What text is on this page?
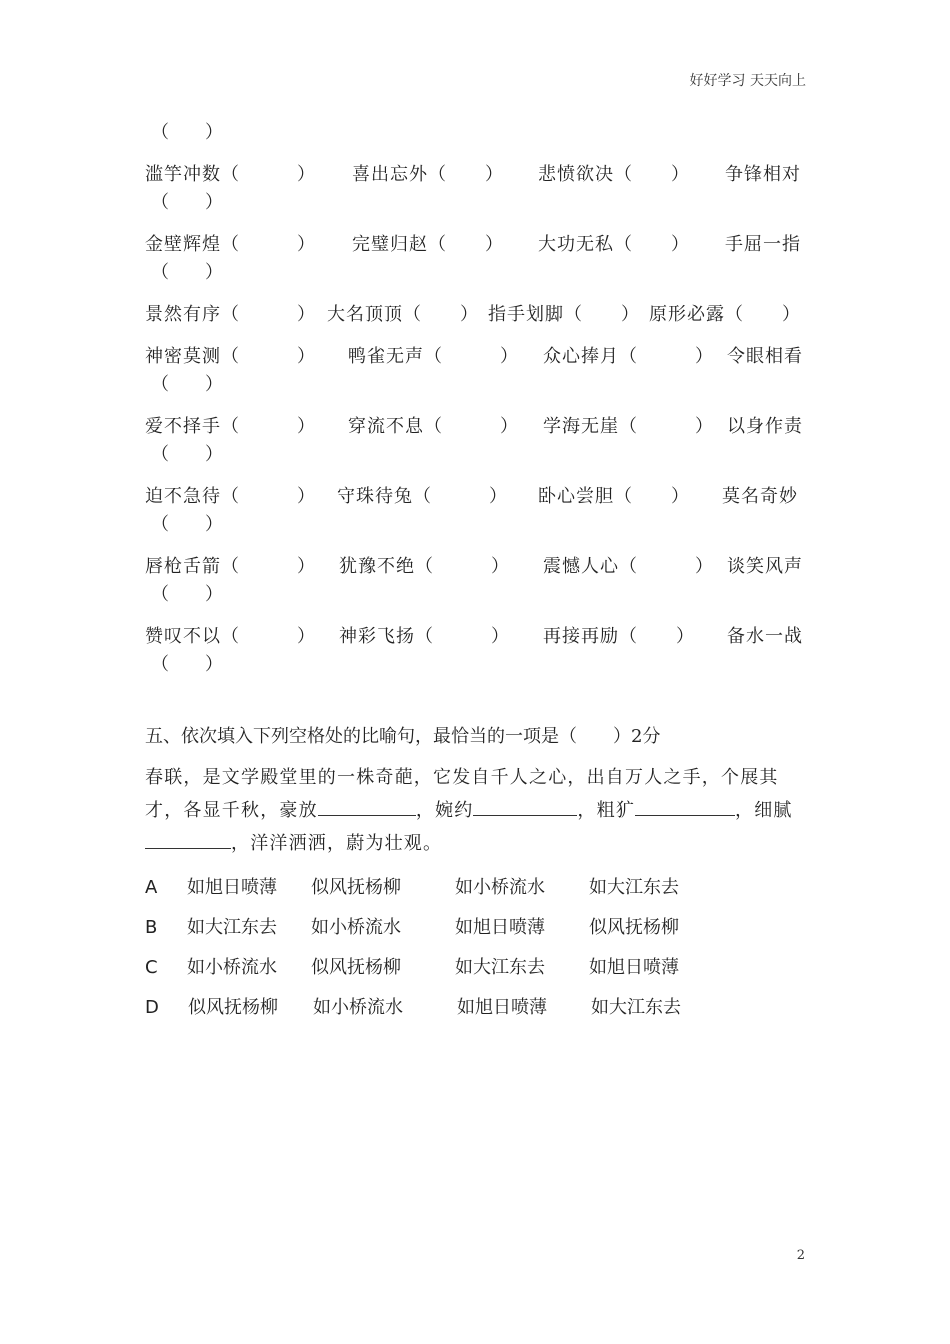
好好学习 天天向上
（　　）
滥竽冲数（　　　） 喜出忘外（　　） 悲愤欲决（　　） 争锋相对
（　　）
金壁辉煌（　　　） 完璧归赵（　　） 大功无私（　　） 手屈一指
（　　）
景然有序（　　　） 大名顶顶（　　） 指手划脚（　　） 原形必露（　　）
神密莫测（　　　） 鸭雀无声（　　　） 众心捧月（　　　） 令眼相看
（　　）
爱不择手（　　　） 穿流不息（　　　） 学海无崖（　　　） 以身作责
（　　）
迫不急待（　　　） 守珠待兔（　　　） 卧心尝胆（　　） 莫名奇妙
（　　）
唇枪舌箭（　　　） 犹豫不绝（　　　） 震憾人心（　　　） 谈笑风声
（　　）
赞叹不以（　　　） 神彩飞扬（　　　） 再接再励（　　） 备水一战
（　　）
五、依次填入下列空格处的比喻句，最恰当的一项是（　　）2分
春联，是文学殿堂里的一株奇葩，它发自千人之心，出自万人之手，个展其才，各显千秋，豪放	，婉约	，粗犷	，细腻，洋洋洒洒，蔚为壮观。
A 如旭日喷薄 似风抚杨柳	如小桥流水 如大江东去
B 如大江东去 如小桥流水	如旭日喷薄 似风抚杨柳
C 如小桥流水 似风抚杨柳	如大江东去 如旭日喷薄
D 似风抚杨柳 如小桥流水	如旭日喷薄 如大江东去
2
